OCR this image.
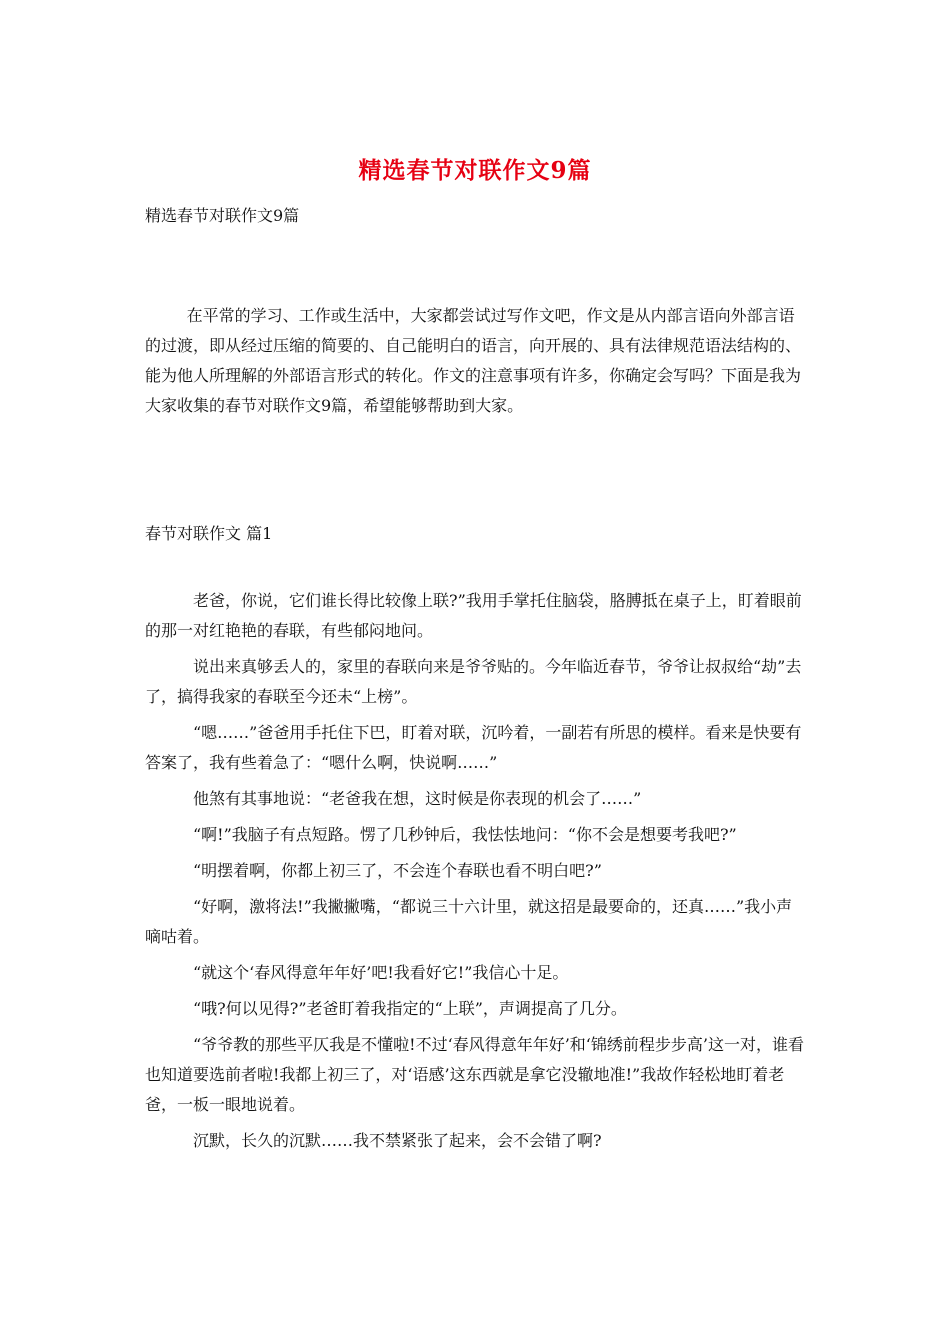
精选春节对联作文9篇
精选春节对联作文9篇

在平常的学习、工作或生活中，大家都尝试过写作文吧，作文是从内部言语向外部言语的过渡，即从经过压缩的简要的、自己能明白的语言，向开展的、具有法律规范语法结构的、能为他人所理解的外部语言形式的转化。作文的注意事项有许多，你确定会写吗？下面是我为大家收集的春节对联作文9篇，希望能够帮助到大家。

春节对联作文 篇1

老爸，你说，它们谁长得比较像上联?”我用手掌托住脑袋，胳膊抵在桌子上，盯着眼前的那一对红艳艳的春联，有些郁闷地问。

说出来真够丢人的，家里的春联向来是爷爷贴的。今年临近春节，爷爷让叔叔给“劫”去了，搞得我家的春联至今还未“上榜”。

“嗯……”爸爸用手托住下巴，盯着对联，沉吟着，一副若有所思的模样。看来是快要有答案了，我有些着急了：“嗯什么啊，快说啊……”

他煞有其事地说：“老爸我在想，这时候是你表现的机会了……”

“啊!”我脑子有点短路。愣了几秒钟后，我怯怯地问：“你不会是想要考我吧?”

“明摆着啊，你都上初三了，不会连个春联也看不明白吧?”

“好啊，激将法!”我撇撇嘴，“都说三十六计里，就这招是最要命的，还真……”我小声嘀咕着。

“就这个‘春风得意年年好’吧!我看好它!”我信心十足。

“哦?何以见得?”老爸盯着我指定的“上联”，声调提高了几分。

“爷爷教的那些平仄我是不懂啦!不过‘春风得意年年好’和‘锦绣前程步步高’这一对，谁看也知道要选前者啦!我都上初三了，对‘语感’这东西就是拿它没辙地准!”我故作轻松地盯着老爸，一板一眼地说着。

沉默，长久的沉默……我不禁紧张了起来，会不会错了啊?
